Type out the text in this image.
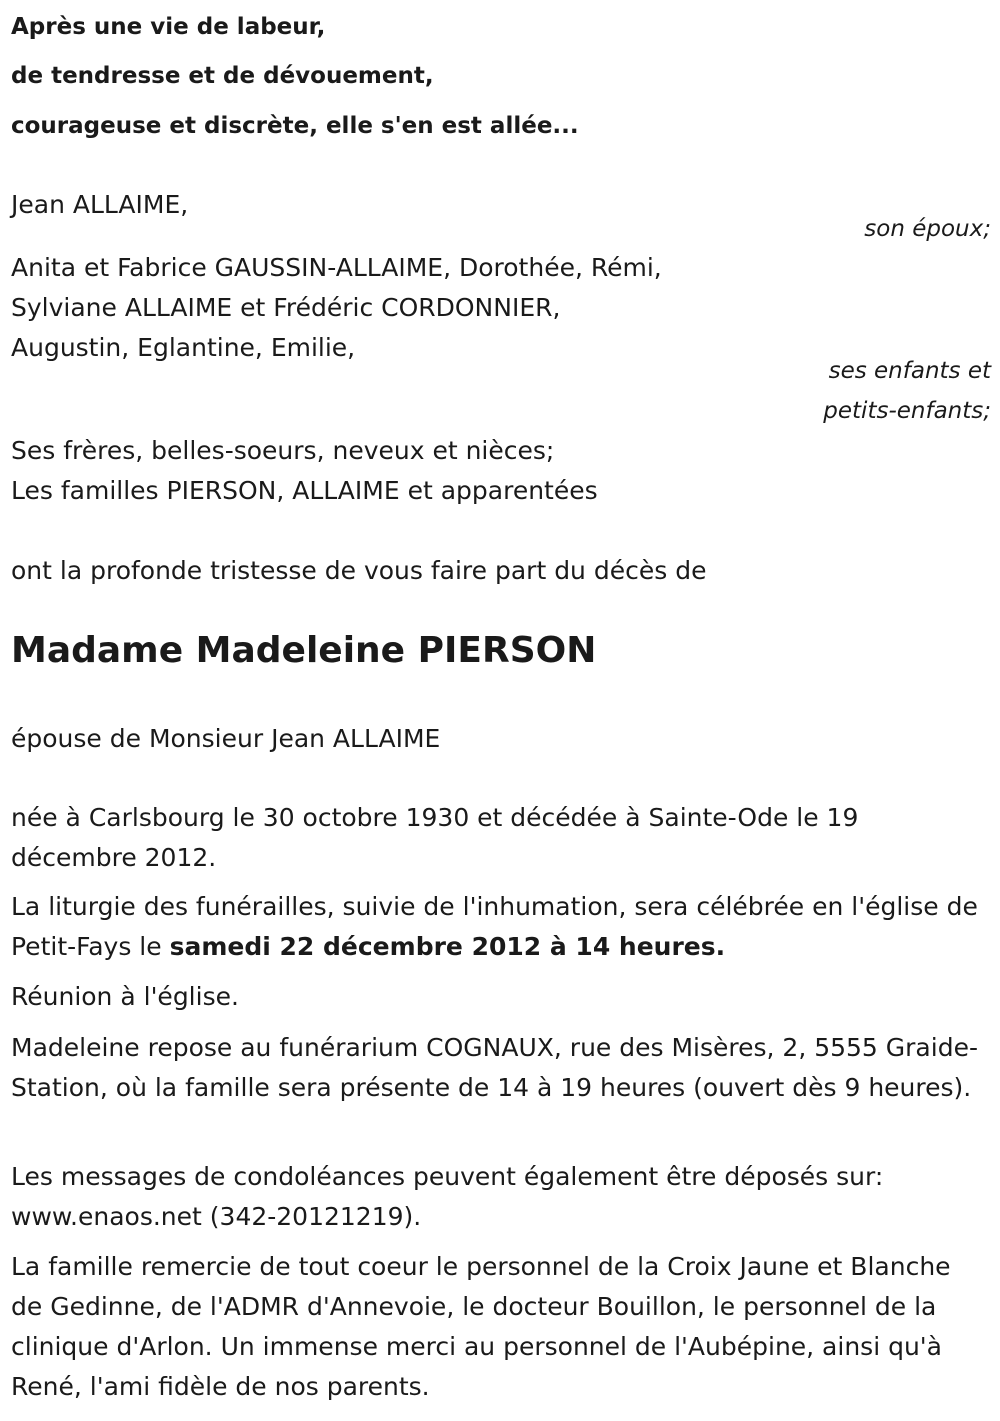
Après une vie de labeur,
de tendresse et de dévouement,
courageuse et discrète, elle s'en est allée...
Jean ALLAIME,
son époux;
Anita et Fabrice GAUSSIN-ALLAIME, Dorothée, Rémi,
Sylviane ALLAIME et Frédéric CORDONNIER,
Augustin, Eglantine, Emilie,
ses enfants et
petits-enfants;
Ses frères, belles-soeurs, neveux et nièces;
Les familles PIERSON, ALLAIME et apparentées
ont la profonde tristesse de vous faire part du décès de
Madame Madeleine PIERSON
épouse de Monsieur Jean ALLAIME
née à Carlsbourg le 30 octobre 1930 et décédée à Sainte-Ode le 19 décembre 2012.
La liturgie des funérailles, suivie de l'inhumation, sera célébrée en l'église de Petit-Fays le samedi 22 décembre 2012 à 14 heures.
Réunion à l'église.
Madeleine repose au funérarium COGNAUX, rue des Misères, 2, 5555 Graide-Station, où la famille sera présente de 14 à 19 heures (ouvert dès 9 heures).
Les messages de condoléances peuvent également être déposés sur: www.enaos.net (342-20121219).
La famille remercie de tout coeur le personnel de la Croix Jaune et Blanche de Gedinne, de l'ADMR d'Annevoie, le docteur Bouillon, le personnel de la clinique d'Arlon. Un immense merci au personnel de l'Aubépine, ainsi qu'à René, l'ami fidèle de nos parents.
